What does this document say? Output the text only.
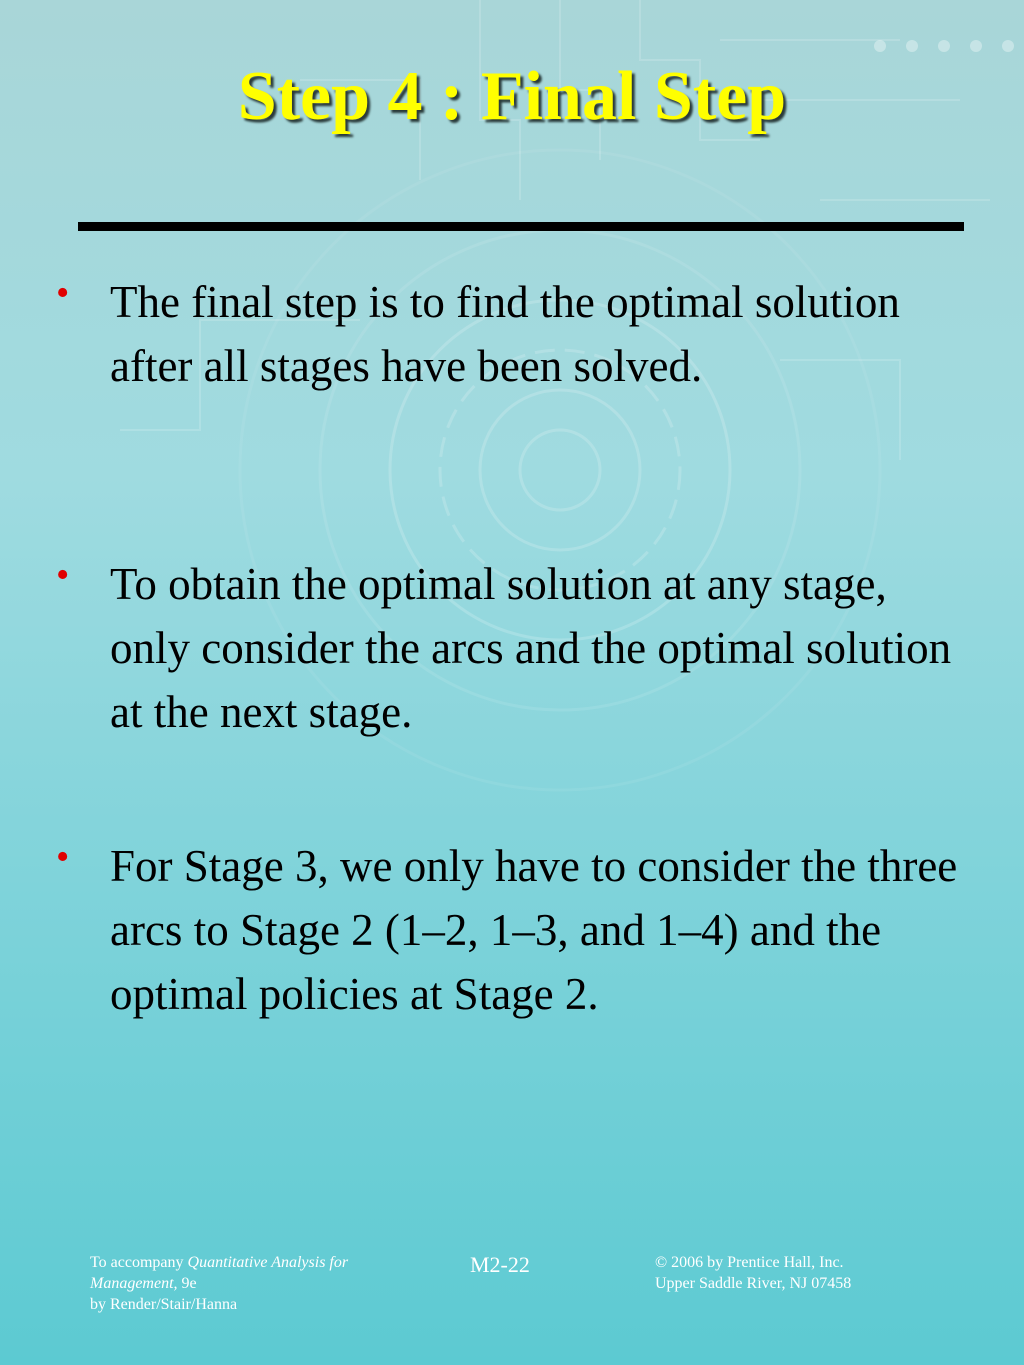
Step 4 : Final Step
• The final step is to find the optimal solution after all stages have been solved.
• To obtain the optimal solution at any stage, only consider the arcs and the optimal solution at the next stage.
• For Stage 3, we only have to consider the three arcs to Stage 2 (1–2, 1–3, and 1–4) and the optimal policies at Stage 2.
To accompany Quantitative Analysis for Management, 9e
by Render/Stair/Hanna
M2-22	© 2006 by Prentice Hall, Inc.
Upper Saddle River, NJ 07458
